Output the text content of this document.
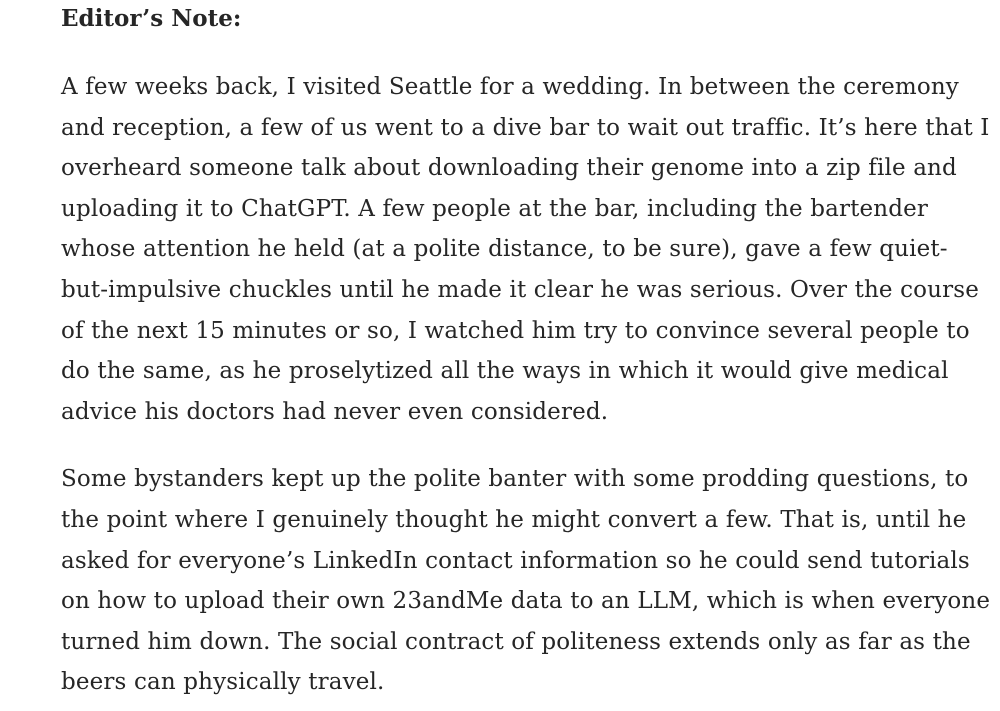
Editor’s Note:

A few weeks back, I visited Seattle for a wedding. In between the ceremony
and reception, a few of us went to a dive bar to wait out traffic. It’s here that I
overheard someone talk about downloading their genome into a zip file and
uploading it to ChatGPT. A few people at the bar, including the bartender
whose attention he held (at a polite distance, to be sure), gave a few quiet-
but-impulsive chuckles until he made it clear he was serious. Over the course
of the next 15 minutes or so, I watched him try to convince several people to
do the same, as he proselytized all the ways in which it would give medical
advice his doctors had never even considered.

Some bystanders kept up the polite banter with some prodding questions, to
the point where I genuinely thought he might convert a few. That is, until he
asked for everyone’s LinkedIn contact information so he could send tutorials
on how to upload their own 23andMe data to an LLM, which is when everyone
turned him down. The social contract of politeness extends only as far as the
beers can physically travel.
